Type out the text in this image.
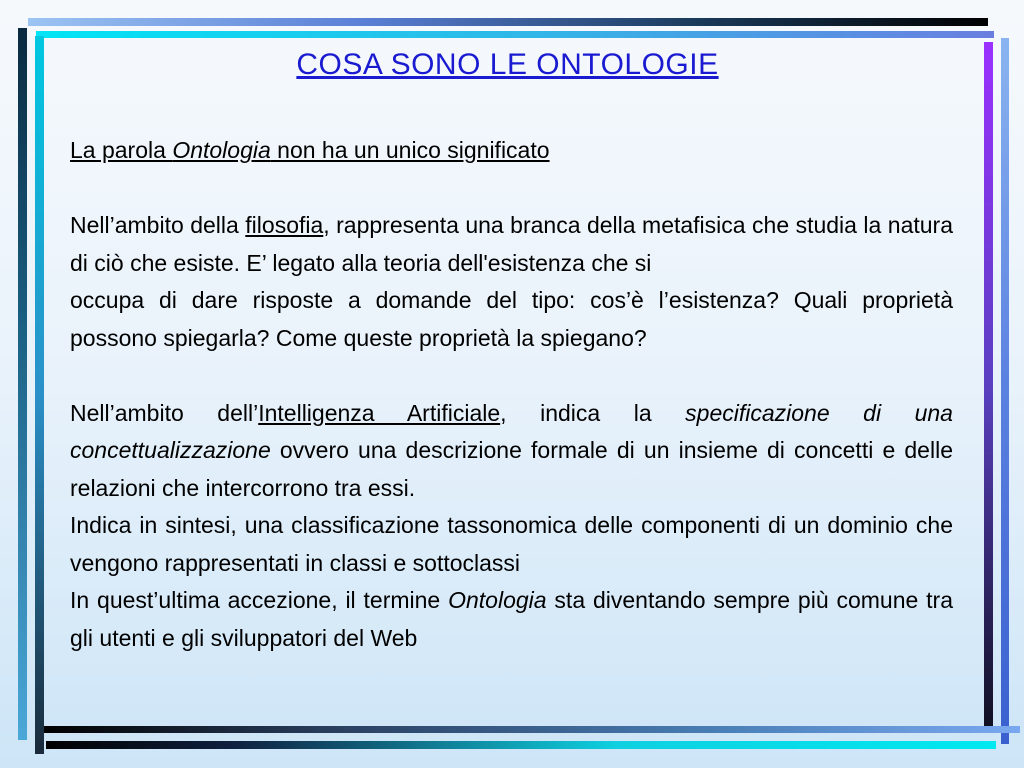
COSA SONO LE ONTOLOGIE

La parola Ontologia non ha un unico significato

Nell’ambito della filosofia, rappresenta una branca della metafisica che studia la natura di ciò che esiste. E’ legato alla teoria dell'esistenza che si

occupa di dare risposte a domande del tipo: cos’è l’esistenza? Quali proprietà possono spiegarla? Come queste proprietà la spiegano?

Nell’ambito dell’Intelligenza Artificiale, indica la specificazione di una concettualizzazione ovvero una descrizione formale di un insieme di concetti e delle relazioni che intercorrono tra essi.

Indica in sintesi, una classificazione tassonomica delle componenti di un dominio che vengono rappresentati in classi e sottoclassi

In quest’ultima accezione, il termine Ontologia sta diventando sempre più comune tra gli utenti e gli sviluppatori del Web
